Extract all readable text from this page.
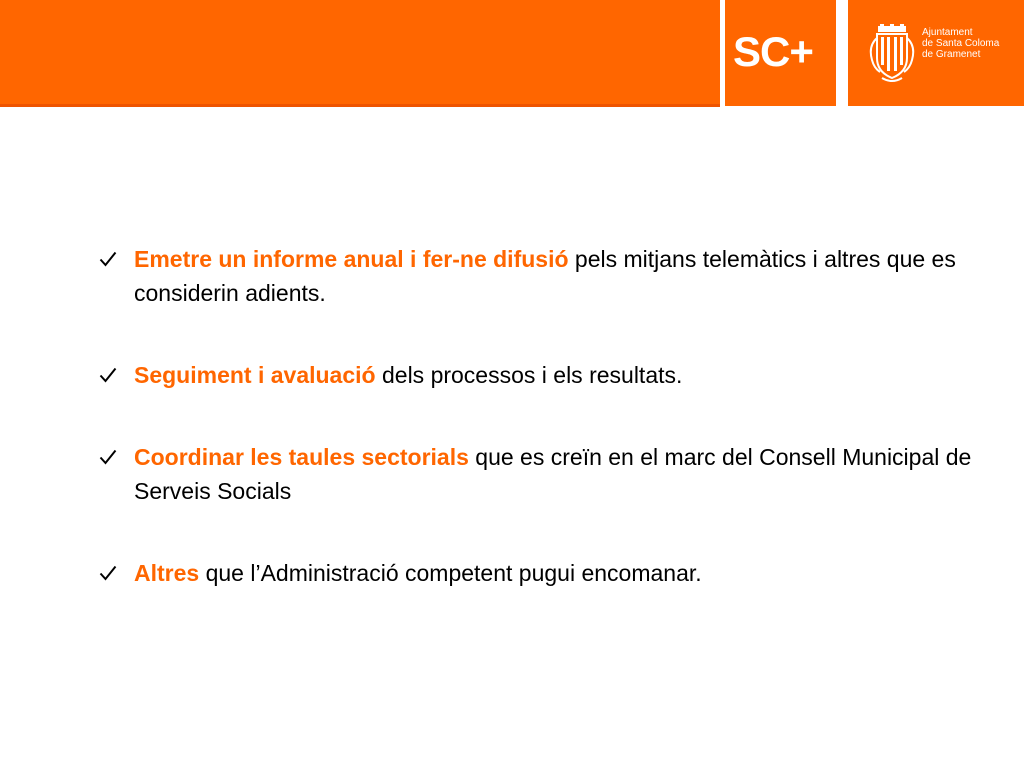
SC+	Ajuntament
de Santa Coloma
de Gramenet
Emetre un informe anual i fer-ne difusió pels mitjans telemàtics i altres que es considerin adients.
Seguiment i avaluació dels processos i els resultats.
Coordinar les taules sectorials que es creïn en el marc del Consell Municipal de Serveis Socials
Altres que l’Administració competent pugui encomanar.
